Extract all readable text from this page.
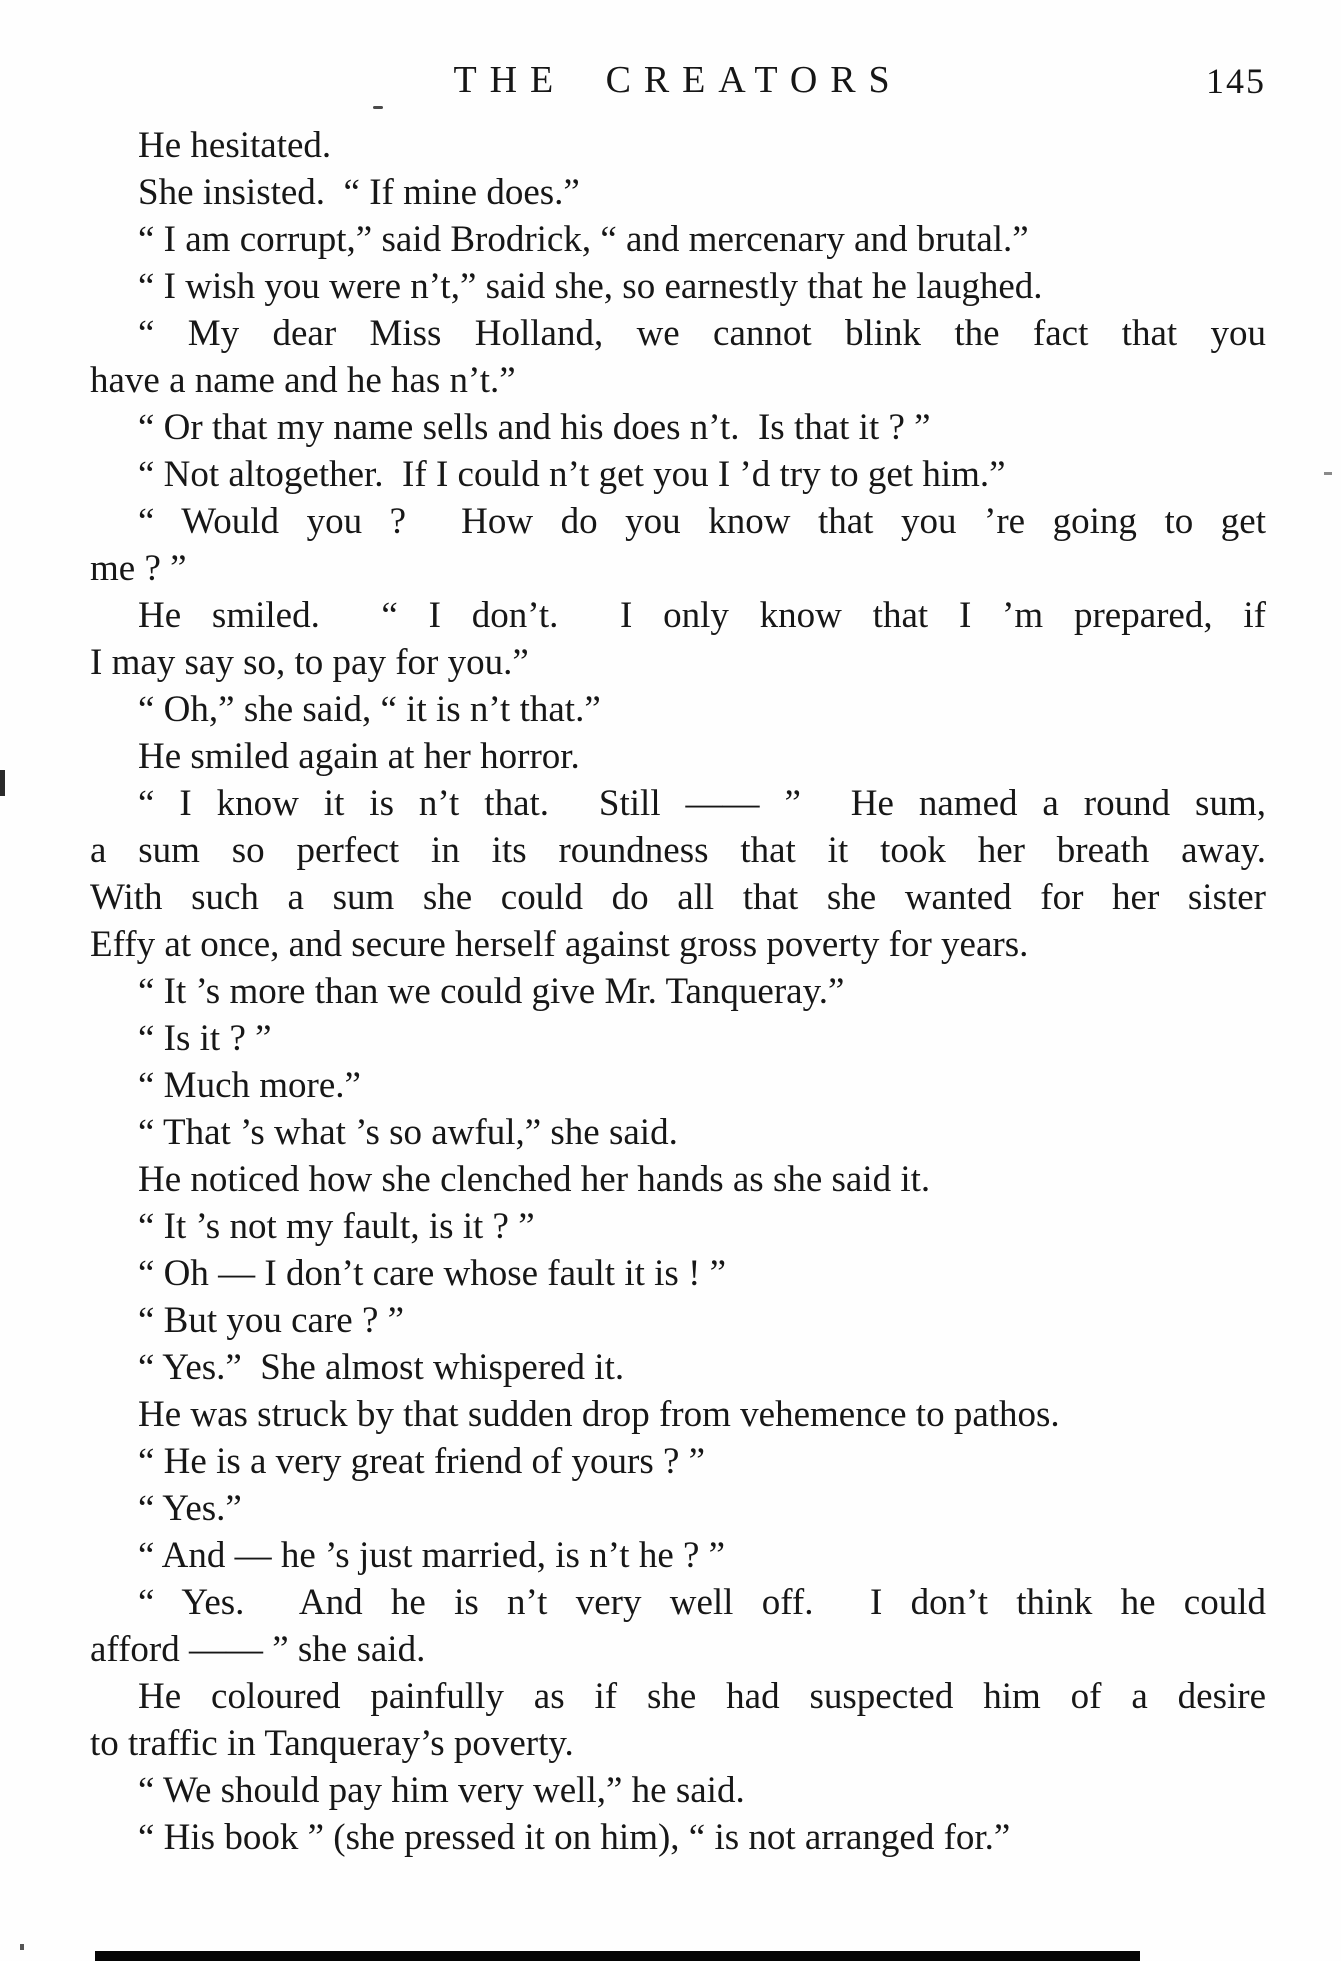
THE CREATORS	145
He hesitated.
She insisted.  “ If mine does.”
“ I am corrupt,” said Brodrick, “ and mercenary and brutal.”
“ I wish you were n’t,” said she, so earnestly that he laughed.
“ My dear Miss Holland, we cannot blink the fact that you
have a name and he has n’t.”
“ Or that my name sells and his does n’t.  Is that it ? ”
“ Not altogether.  If I could n’t get you I ’d try to get him.”
“ Would you ?  How do you know that you ’re going to get
me ? ”
He smiled.  “ I don’t.  I only know that I ’m prepared, if
I may say so, to pay for you.”
“ Oh,” she said, “ it is n’t that.”
He smiled again at her horror.
“ I know it is n’t that.  Still —— ”  He named a round sum,
a sum so perfect in its roundness that it took her breath away.
With such a sum she could do all that she wanted for her sister
Effy at once, and secure herself against gross poverty for years.
“ It ’s more than we could give Mr. Tanqueray.”
“ Is it ? ”
“ Much more.”
“ That ’s what ’s so awful,” she said.
He noticed how she clenched her hands as she said it.
“ It ’s not my fault, is it ? ”
“ Oh — I don’t care whose fault it is ! ”
“ But you care ? ”
“ Yes.”  She almost whispered it.
He was struck by that sudden drop from vehemence to pathos.
“ He is a very great friend of yours ? ”
“ Yes.”
“ And — he ’s just married, is n’t he ? ”
“ Yes.  And he is n’t very well off.  I don’t think he could
afford —— ” she said.
He coloured painfully as if she had suspected him of a desire
to traffic in Tanqueray’s poverty.
“ We should pay him very well,” he said.
“ His book ” (she pressed it on him), “ is not arranged for.”
